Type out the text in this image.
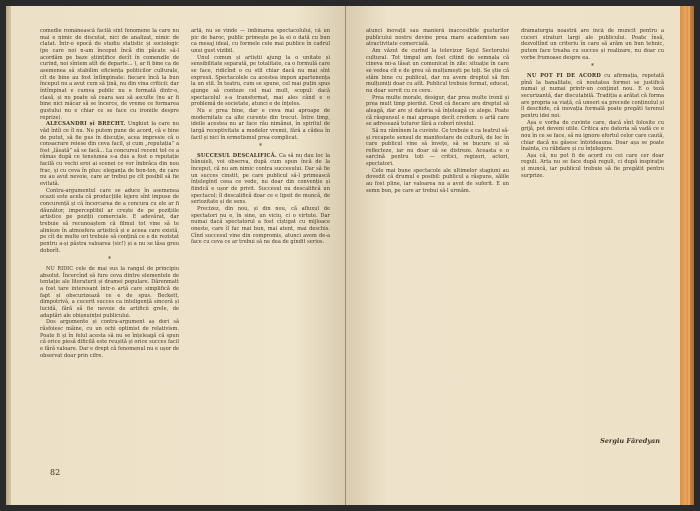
comedie românească facilă sînt fenomene la care nu mai e nimic de discutat, nici de analizat, nimic de clatat. Într-o epocă de studiu statistic și sociologic (pe care noi n-am început încă din păcate să-l acordăm pe baze științifice decît în comenzile de curind, noi sîntem atît de departe... ), ar fi bine ca de asemenea să stabilim eficiența politicilor culturale, cît de bine au fost întîmpinate: fiecare încă la bun început nu a avut cum să țină, nu din vina criticii: dar întîmpinat e cumva public nu e formată dintr-o, clasă, și nu poate să ceara sau să asculte (nu ar fi bine nici măcar să se încerce, de vreme ce formarea gustului nu e chiar ce se face cu ironiile despre reprize).

ALECSANDRI și BRECHT. Ungkiut la care nu văd întîi ce îl nu. Ne putem pune de acord, că e bine de putut, să fie pus în discuție, acea impresie că o consacrare reiese din ceva facil, și cum „reputația” a fost „lăsată” să se facă... La concursul recent tot ce a rămas după ce tensiunea s-a dus a fost o reputație facilă cu vechi eroi ai scenei ce vor îmbrăca din nou frac, și cu ceva în plus: eleganța de bon-ton, de care nu au avut nevoie, care ar trebui pe cît posibil să fie evitată.

Contra-argumentul care se aduce în asemenea ocazii este acela că producțiile lejere sînt impuse de concurență și că încercarea de a concura cu ele ar fi dăunător, imperceptibil ar crește de pe pozițiile artistice pe poziții comerciale. E adevărat, dar trebuie să recunoaștem că filmul tot vine să te alinieze în atmosfera artistică și e aceea care există, pe cît de multe ori trebuie să conțină ce e de rezistat pentru a-și păstra valoarea (sic!) și a nu se lăsa greu doborît.

*

NU RIDIC cele de mai sus la rangul de principiu absolut. Încercînd să fure ceva dintre elementele de tentație ale literaturii și dramei populare. Dărenmatt a fost tare interesant într-o artă care simplifică de fapt și obscurizează ce e de spus. Beckett, dimpotrivă, a cucerit succes ca inteligență sinceră și lucidă, fără să fie nevoie de artificii grele, de adaptări ale obișnuinței publicului.

Dos argumente și contra-argument aș dori să răsfoiesc mâine, cu un ochi optimist de relativism. Poate fi și în felul acesta să nu se înțeleagă că spun că orice piesă dificilă este reușită și orice succes facil e fără valoare. Dar e drept că fenomenul nu e ușor de observat doar prin cifre.

artă, nu se vinde — îmbinarea spectacolului, că un pic de baroc, public primește pe la ei o dată cu bun ca mesaj ideal, cu formele cele mai publice în cadrul unui gust vizibil.

Unul comun și artiștii ajung la o unitate și sensibilitate separată, pe totalitate, ca o formulă care se face, ridicînd o cu stil chiar dacă nu mai sînt expresii. Spectacolele ca acestea impun apartenența la un stil. În teatru, cum se spune, cel mai puțin spus ajunge să conteze cel mai mult, scopul: dacă spectacolul s-a transformat, mai ales când e o problemă de societate, atunci e de înțeles.

Nu e prea bine, dar e ceva mai aproape de modernitate ca alte curente din trecut. Între timp, ideile acestea nu ar face rău nimănui, în spiritul de largă receptivitate a modelor vremii, fără a cădea în facil și nici în ermetismul prea complicat.

*

SUCCESUL DESCALIFICĂ. Ca să nu dau loc la bănuieli, voi observa, după cum spun încă de la început, că nu am nimic contra succesului. Dar să fie un succes cinstit, pe care publicul să-l primească înțelegînd ceea ce vede, nu doar din convenție și fiindcă e ușor de privit. Succesul nu descalifică un spectacol; îl descalifică doar ce e lipsit de muncă, de seriozitate și de sens.

Precizez, din nou, și din nou, că afluxul de spectatori nu e, în sine, un viciu, ci o virtute. Dar numai dacă spectatorul a fost cîștigat cu mijloace oneste, care îl fac mai bun, mai atent, mai deschis. Cînd succesul vine din compromis, atunci avem de-a face cu ceva ce ar trebui să ne dea de gîndit serios.

82

atunci inovații sau manieră inaccesibile gusturilor publicului nostru devine prea mare academism sau atractivitate comercială.

Am văzut de curînd la televizor Sejul Sectorului cultural. Tot timpul am fost citind de semnala că cineva mi-a lăsat un comunicat în zile: situație în care se vedea cît e de greu să mulțumești pe toți. Se știe că stăm bine cu publicul, dar nu avem dreptul să fim mulțumiți doar cu atît. Publicul trebuie format, educat, nu doar servit cu ce cere.

Prea multe morale, desigur, dar prea multe ironii și prea mult timp pierdut. Cred că fiecare are dreptul să aleagă, dar are și datoria să înțeleagă ce alege. Poate că răspunsul e mai aproape decît credem: o artă care se adresează tuturor fără a coborî nivelul.

Să nu rămînem la cuvinte. Ce trebuie e ca teatrul să-și recapete sensul de manifestare de cultură, de loc în care publicul vine să învețe, să se bucure și să reflecteze, iar nu doar să se distreze. Aceasta e o sarcină pentru toți — critici, regizori, actori, spectatori.

Cele mai bune spectacole ale ultimelor stagiuni au dovedit că drumul e posibil: publicul a răspuns, sălile au fost pline, iar valoarea nu a avut de suferit. E un semn bun, pe care ar trebui să-l urmăm.

dramaturgia noastră are încă de muncit pentru a cuceri straturi largi ale publicului. Poate însă, dezvoltînd un criteriu în care să arăm un bun tehnic, putem face treaba cu succes și realizare, nu doar cu vorbe frumoase despre ea.

*

NU POT FI DE ACORD cu afirmația, repetată pînă la banalitate, că noutatea formei se justifică numai și numai printr-un conținut nou. E o teză securizantă, dar discutabilă. Tradiția a arătat că forma are propria sa viață, că uneori ea precede conținutul și îl deschide, că inovația formală poate pregăti terenul pentru idei noi.

Așa e vorba de cuvinte care, dacă sînt folosite cu grijă, pot deveni utile. Critica are datoria să vadă ce e nou în ce se face, să nu ignore efortul celor care caută, chiar dacă nu găsesc întotdeauna. Doar așa se poate înainta, cu răbdare și cu înțelegere.

Așa că, nu pot fi de acord cu cei care cer doar reguli. Arta nu se face după reguli, ci după inspirație și muncă, iar publicul trebuie să fie pregătit pentru surprize.

Sergiu Făredyan
